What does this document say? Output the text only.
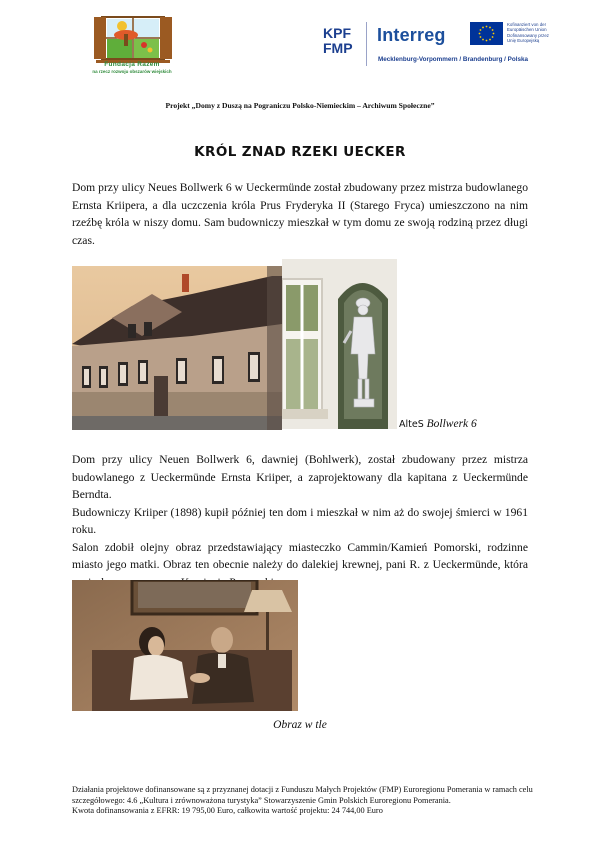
Fundacja Razem
na rzecz rozwoju obszarów wiejskich
KPF
FMP
Interreg
Mecklenburg-Vorpommern / Brandenburg / Polska
Kofinanziert von der
Europäischen Union
Dofinansowany przez
Unię Europejską
Projekt „Domy z Duszą na Pograniczu Polsko-Niemieckim – Archiwum Społeczne”
KRÓL ZNAD RZEKI UECKER

Dom przy ulicy Neues Bollwerk 6 w Ueckermünde został zbudowany przez mistrza budowlanego Ernsta Kriipera, a dla uczczenia króla Prus Fryderyka II (Starego Fryca) umieszczono na nim rzeźbę króla w niszy domu. Sam budowniczy mieszkał w tym domu ze swoją rodziną przez długi czas.

AlteS Bollwerk 6

Dom przy ulicy Neuen Bollwerk 6, dawniej (Bohlwerk), został zbudowany przez mistrza budowlanego z Ueckermünde Ernsta Kriiper, a zaprojektowany dla kapitana z Ueckermünde Berndta.

Budowniczy Kriiper (1898) kupił później ten dom i mieszkał w nim aż do swojej śmierci w 1961 roku.

Salon zdobił olejny obraz przedstawiający miasteczko Cammin/Kamień Pomorski, rodzinne miasto jego matki. Obraz ten obecnie należy do dalekiej krewnej, pani R. z Ueckermünde, która

Obraz w tle
Działania projektowe dofinansowane są z przyznanej dotacji z Funduszu Małych Projektów (FMP) Euroregionu Pomerania w ramach celu szczegółowego: 4.6 „Kultura i zrównoważona turystyka” Stowarzyszenie Gmin Polskich Euroregionu Pomerania.
Kwota dofinansowania z EFRR: 19 795,00 Euro, całkowita wartość projektu: 24 744,00 Euro
